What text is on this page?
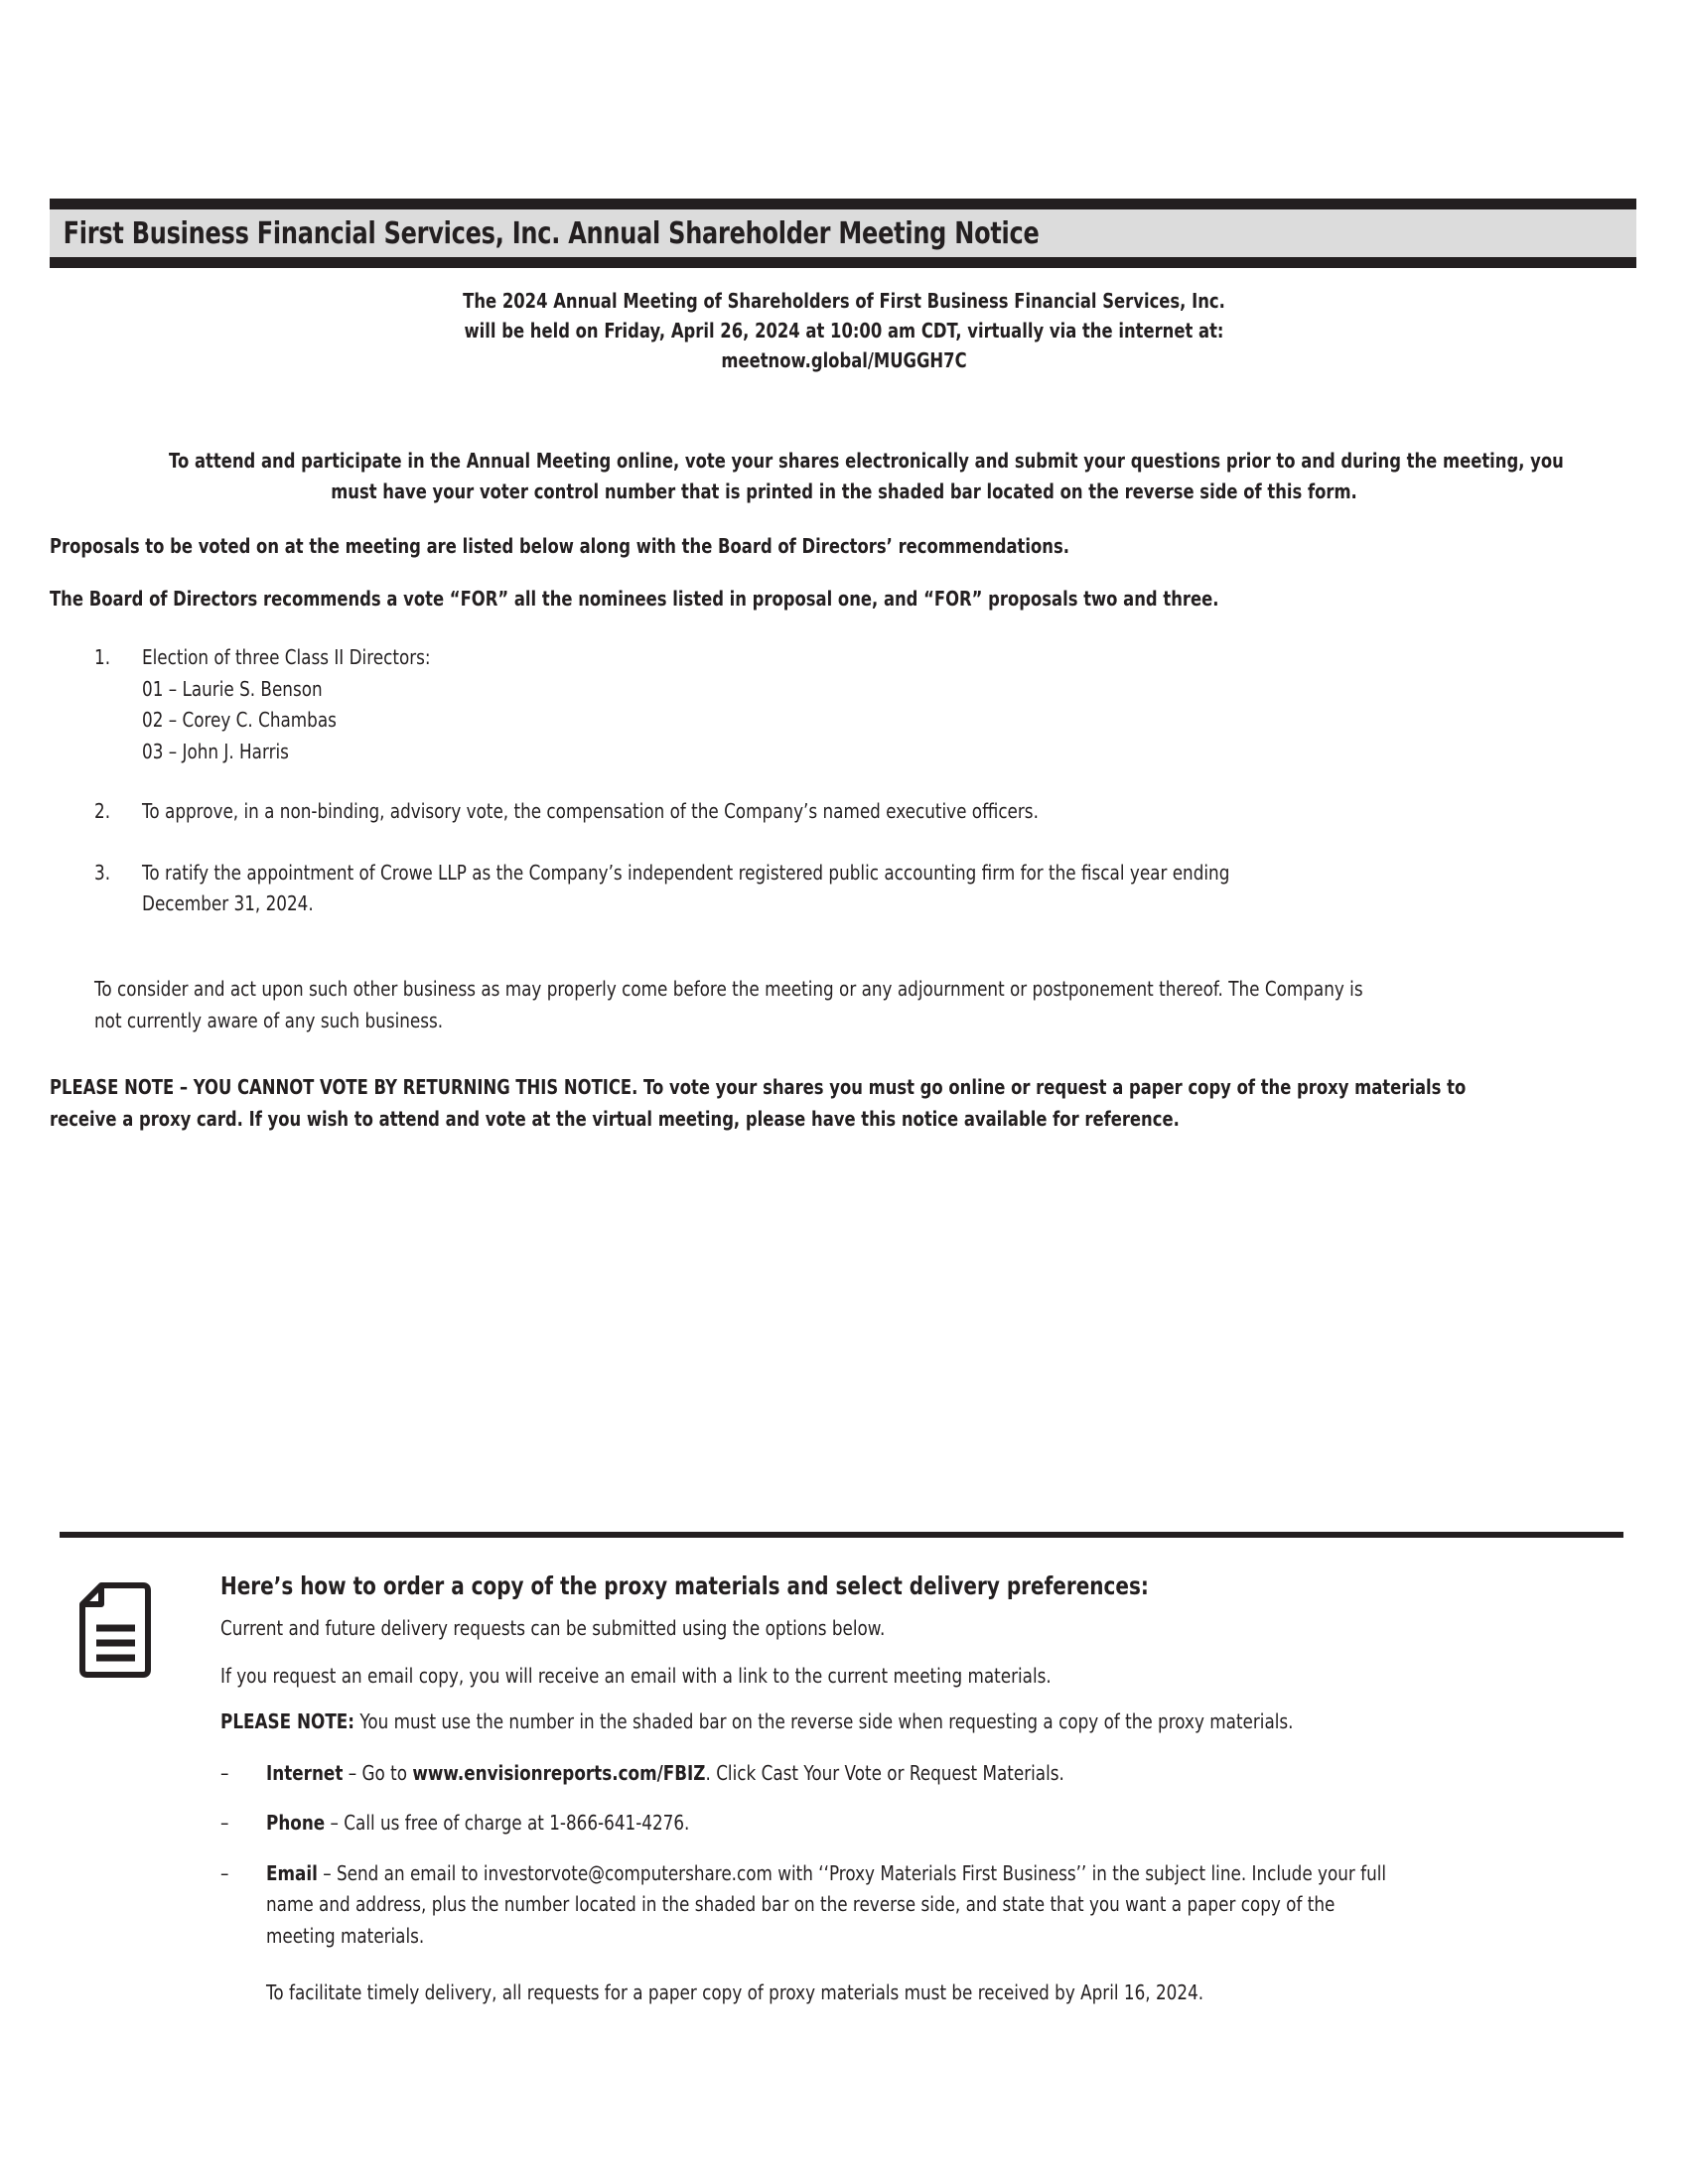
First Business Financial Services, Inc. Annual Shareholder Meeting Notice
The 2024 Annual Meeting of Shareholders of First Business Financial Services, Inc.
will be held on Friday, April 26, 2024 at 10:00 am CDT, virtually via the internet at:
meetnow.global/MUGGH7C
To attend and participate in the Annual Meeting online, vote your shares electronically and submit your questions prior to and during the meeting, you
must have your voter control number that is printed in the shaded bar located on the reverse side of this form.
Proposals to be voted on at the meeting are listed below along with the Board of Directors’ recommendations.
The Board of Directors recommends a vote “FOR” all the nominees listed in proposal one, and “FOR” proposals two and three.
1.	Election of three Class II Directors:
01 – Laurie S. Benson
02 – Corey C. Chambas
03 – John J. Harris
2.	To approve, in a non-binding, advisory vote, the compensation of the Company’s named executive officers.
3.	To ratify the appointment of Crowe LLP as the Company’s independent registered public accounting firm for the fiscal year ending
December 31, 2024.
To consider and act upon such other business as may properly come before the meeting or any adjournment or postponement thereof. The Company is
not currently aware of any such business.
PLEASE NOTE – YOU CANNOT VOTE BY RETURNING THIS NOTICE. To vote your shares you must go online or request a paper copy of the proxy materials to
receive a proxy card. If you wish to attend and vote at the virtual meeting, please have this notice available for reference.
Here’s how to order a copy of the proxy materials and select delivery preferences:
Current and future delivery requests can be submitted using the options below.
If you request an email copy, you will receive an email with a link to the current meeting materials.
PLEASE NOTE: You must use the number in the shaded bar on the reverse side when requesting a copy of the proxy materials.
–	Internet – Go to www.envisionreports.com/FBIZ. Click Cast Your Vote or Request Materials.
–	Phone – Call us free of charge at 1-866-641-4276.
–	Email – Send an email to investorvote@computershare.com with ‘‘Proxy Materials First Business’’ in the subject line. Include your full
name and address, plus the number located in the shaded bar on the reverse side, and state that you want a paper copy of the
meeting materials.
To facilitate timely delivery, all requests for a paper copy of proxy materials must be received by April 16, 2024.
